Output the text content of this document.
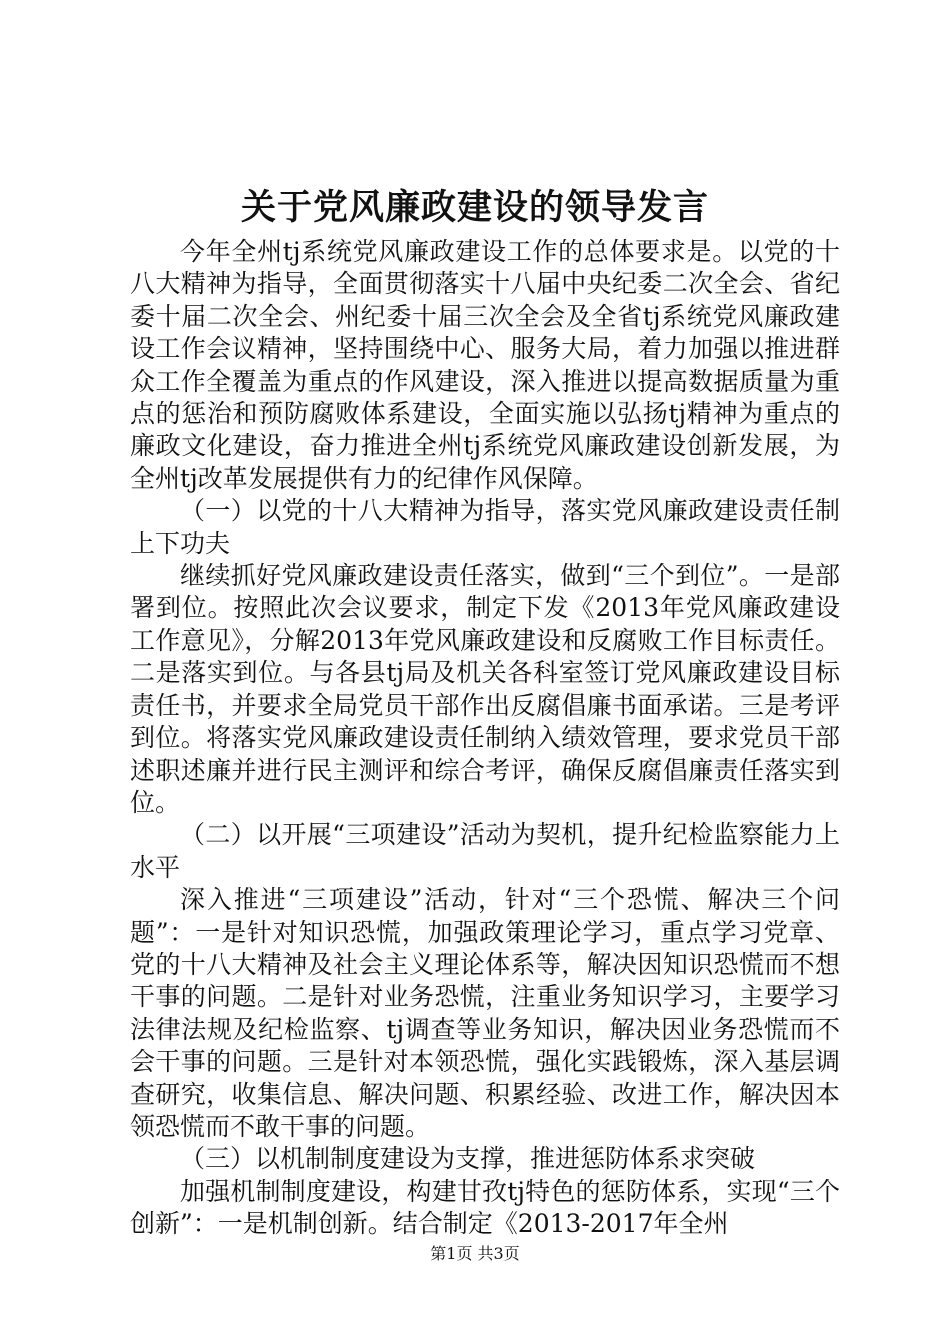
关于党风廉政建设的领导发言

今年全州tj系统党风廉政建设工作的总体要求是。以党的十八大精神为指导，全面贯彻落实十八届中央纪委二次全会、省纪委十届二次全会、州纪委十届三次全会及全省tj系统党风廉政建设工作会议精神，坚持围绕中心、服务大局，着力加强以推进群众工作全覆盖为重点的作风建设，深入推进以提高数据质量为重点的惩治和预防腐败体系建设，全面实施以弘扬tj精神为重点的廉政文化建设，奋力推进全州tj系统党风廉政建设创新发展，为全州tj改革发展提供有力的纪律作风保障。

（一）以党的十八大精神为指导，落实党风廉政建设责任制上下功夫

继续抓好党风廉政建设责任落实，做到“三个到位”。一是部署到位。按照此次会议要求，制定下发《2013年党风廉政建设工作意见》，分解2013年党风廉政建设和反腐败工作目标责任。二是落实到位。与各县tj局及机关各科室签订党风廉政建设目标责任书，并要求全局党员干部作出反腐倡廉书面承诺。三是考评到位。将落实党风廉政建设责任制纳入绩效管理，要求党员干部述职述廉并进行民主测评和综合考评，确保反腐倡廉责任落实到位。

（二）以开展“三项建设”活动为契机，提升纪检监察能力上水平

深入推进“三项建设”活动，针对“三个恐慌、解决三个问题”：一是针对知识恐慌，加强政策理论学习，重点学习党章、党的十八大精神及社会主义理论体系等，解决因知识恐慌而不想干事的问题。二是针对业务恐慌，注重业务知识学习，主要学习法律法规及纪检监察、tj调查等业务知识，解决因业务恐慌而不会干事的问题。三是针对本领恐慌，强化实践锻炼，深入基层调查研究，收集信息、解决问题、积累经验、改进工作，解决因本领恐慌而不敢干事的问题。

（三）以机制制度建设为支撑，推进惩防体系求突破

加强机制制度建设，构建甘孜tj特色的惩防体系，实现“三个创新”：一是机制创新。结合制定《2013-2017年全州

第1页 共3页
